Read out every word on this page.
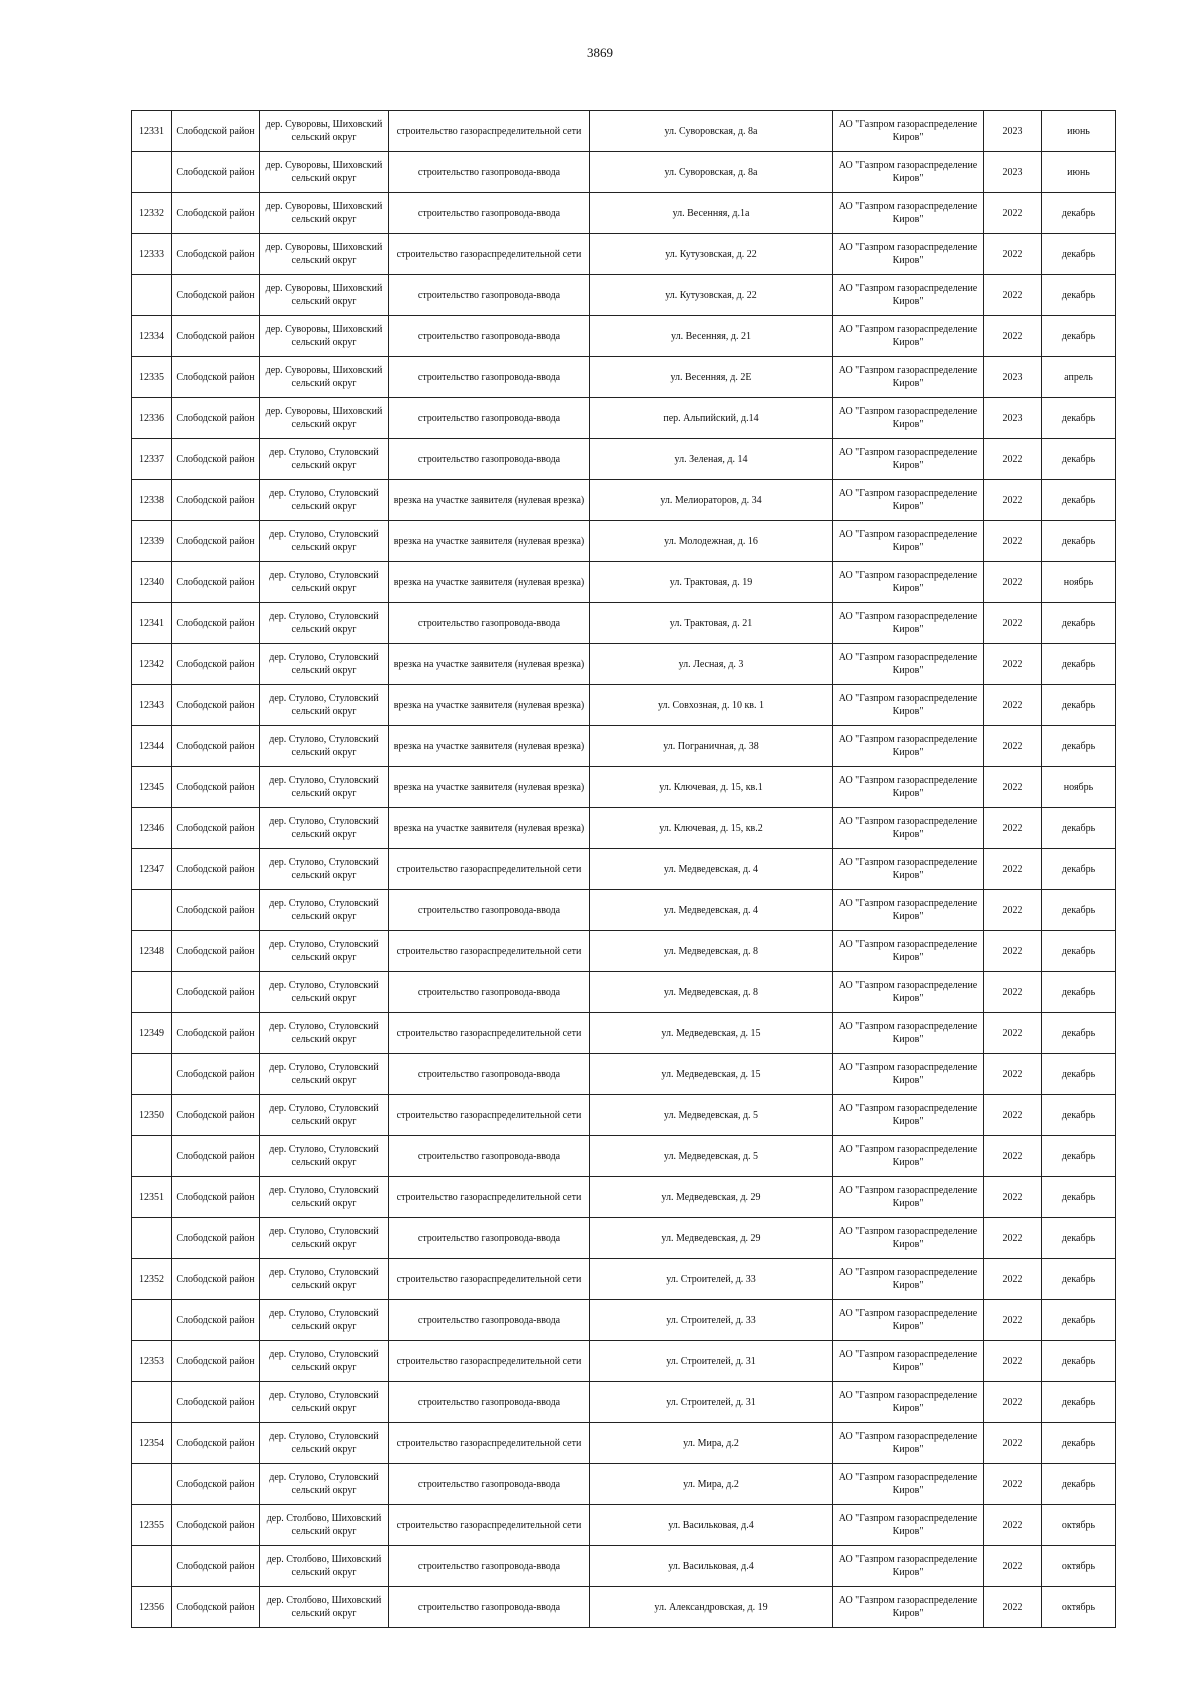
3869
12331	Слободской район	дер. Суворовы, Шиховский сельский округ	строительство газораспределительной сети	ул. Суворовская, д. 8а	АО "Газпром газораспределение Киров"	2023	июнь
	Слободской район	дер. Суворовы, Шиховский сельский округ	строительство газопровода-ввода	ул. Суворовская, д. 8а	АО "Газпром газораспределение Киров"	2023	июнь
12332	Слободской район	дер. Суворовы, Шиховский сельский округ	строительство газопровода-ввода	ул. Весенняя, д.1а	АО "Газпром газораспределение Киров"	2022	декабрь
12333	Слободской район	дер. Суворовы, Шиховский сельский округ	строительство газораспределительной сети	ул. Кутузовская, д. 22	АО "Газпром газораспределение Киров"	2022	декабрь
	Слободской район	дер. Суворовы, Шиховский сельский округ	строительство газопровода-ввода	ул. Кутузовская, д. 22	АО "Газпром газораспределение Киров"	2022	декабрь
12334	Слободской район	дер. Суворовы, Шиховский сельский округ	строительство газопровода-ввода	ул. Весенняя, д. 21	АО "Газпром газораспределение Киров"	2022	декабрь
12335	Слободской район	дер. Суворовы, Шиховский сельский округ	строительство газопровода-ввода	ул. Весенняя, д. 2Е	АО "Газпром газораспределение Киров"	2023	апрель
12336	Слободской район	дер. Суворовы, Шиховский сельский округ	строительство газопровода-ввода	пер. Альпийский, д.14	АО "Газпром газораспределение Киров"	2023	декабрь
12337	Слободской район	дер. Стулово, Стуловский сельский округ	строительство газопровода-ввода	ул. Зеленая, д. 14	АО "Газпром газораспределение Киров"	2022	декабрь
12338	Слободской район	дер. Стулово, Стуловский сельский округ	врезка на участке заявителя (нулевая врезка)	ул. Мелиораторов, д. 34	АО "Газпром газораспределение Киров"	2022	декабрь
12339	Слободской район	дер. Стулово, Стуловский сельский округ	врезка на участке заявителя (нулевая врезка)	ул. Молодежная, д. 16	АО "Газпром газораспределение Киров"	2022	декабрь
12340	Слободской район	дер. Стулово, Стуловский сельский округ	врезка на участке заявителя (нулевая врезка)	ул. Трактовая, д. 19	АО "Газпром газораспределение Киров"	2022	ноябрь
12341	Слободской район	дер. Стулово, Стуловский сельский округ	строительство газопровода-ввода	ул. Трактовая, д. 21	АО "Газпром газораспределение Киров"	2022	декабрь
12342	Слободской район	дер. Стулово, Стуловский сельский округ	врезка на участке заявителя (нулевая врезка)	ул. Лесная, д. 3	АО "Газпром газораспределение Киров"	2022	декабрь
12343	Слободской район	дер. Стулово, Стуловский сельский округ	врезка на участке заявителя (нулевая врезка)	ул. Совхозная, д. 10 кв. 1	АО "Газпром газораспределение Киров"	2022	декабрь
12344	Слободской район	дер. Стулово, Стуловский сельский округ	врезка на участке заявителя (нулевая врезка)	ул. Пограничная, д. 38	АО "Газпром газораспределение Киров"	2022	декабрь
12345	Слободской район	дер. Стулово, Стуловский сельский округ	врезка на участке заявителя (нулевая врезка)	ул. Ключевая, д. 15, кв.1	АО "Газпром газораспределение Киров"	2022	ноябрь
12346	Слободской район	дер. Стулово, Стуловский сельский округ	врезка на участке заявителя (нулевая врезка)	ул. Ключевая, д. 15, кв.2	АО "Газпром газораспределение Киров"	2022	декабрь
12347	Слободской район	дер. Стулово, Стуловский сельский округ	строительство газораспределительной сети	ул. Медведевская, д. 4	АО "Газпром газораспределение Киров"	2022	декабрь
	Слободской район	дер. Стулово, Стуловский сельский округ	строительство газопровода-ввода	ул. Медведевская, д. 4	АО "Газпром газораспределение Киров"	2022	декабрь
12348	Слободской район	дер. Стулово, Стуловский сельский округ	строительство газораспределительной сети	ул. Медведевская, д. 8	АО "Газпром газораспределение Киров"	2022	декабрь
	Слободской район	дер. Стулово, Стуловский сельский округ	строительство газопровода-ввода	ул. Медведевская, д. 8	АО "Газпром газораспределение Киров"	2022	декабрь
12349	Слободской район	дер. Стулово, Стуловский сельский округ	строительство газораспределительной сети	ул. Медведевская, д. 15	АО "Газпром газораспределение Киров"	2022	декабрь
	Слободской район	дер. Стулово, Стуловский сельский округ	строительство газопровода-ввода	ул. Медведевская, д. 15	АО "Газпром газораспределение Киров"	2022	декабрь
12350	Слободской район	дер. Стулово, Стуловский сельский округ	строительство газораспределительной сети	ул. Медведевская, д. 5	АО "Газпром газораспределение Киров"	2022	декабрь
	Слободской район	дер. Стулово, Стуловский сельский округ	строительство газопровода-ввода	ул. Медведевская, д. 5	АО "Газпром газораспределение Киров"	2022	декабрь
12351	Слободской район	дер. Стулово, Стуловский сельский округ	строительство газораспределительной сети	ул. Медведевская, д. 29	АО "Газпром газораспределение Киров"	2022	декабрь
	Слободской район	дер. Стулово, Стуловский сельский округ	строительство газопровода-ввода	ул. Медведевская, д. 29	АО "Газпром газораспределение Киров"	2022	декабрь
12352	Слободской район	дер. Стулово, Стуловский сельский округ	строительство газораспределительной сети	ул. Строителей, д. 33	АО "Газпром газораспределение Киров"	2022	декабрь
	Слободской район	дер. Стулово, Стуловский сельский округ	строительство газопровода-ввода	ул. Строителей, д. 33	АО "Газпром газораспределение Киров"	2022	декабрь
12353	Слободской район	дер. Стулово, Стуловский сельский округ	строительство газораспределительной сети	ул. Строителей, д. 31	АО "Газпром газораспределение Киров"	2022	декабрь
	Слободской район	дер. Стулово, Стуловский сельский округ	строительство газопровода-ввода	ул. Строителей, д. 31	АО "Газпром газораспределение Киров"	2022	декабрь
12354	Слободской район	дер. Стулово, Стуловский сельский округ	строительство газораспределительной сети	ул. Мира, д.2	АО "Газпром газораспределение Киров"	2022	декабрь
	Слободской район	дер. Стулово, Стуловский сельский округ	строительство газопровода-ввода	ул. Мира, д.2	АО "Газпром газораспределение Киров"	2022	декабрь
12355	Слободской район	дер. Столбово, Шиховский сельский округ	строительство газораспределительной сети	ул. Васильковая, д.4	АО "Газпром газораспределение Киров"	2022	октябрь
	Слободской район	дер. Столбово, Шиховский сельский округ	строительство газопровода-ввода	ул. Васильковая, д.4	АО "Газпром газораспределение Киров"	2022	октябрь
12356	Слободской район	дер. Столбово, Шиховский сельский округ	строительство газопровода-ввода	ул. Александровская, д. 19	АО "Газпром газораспределение Киров"	2022	октябрь
